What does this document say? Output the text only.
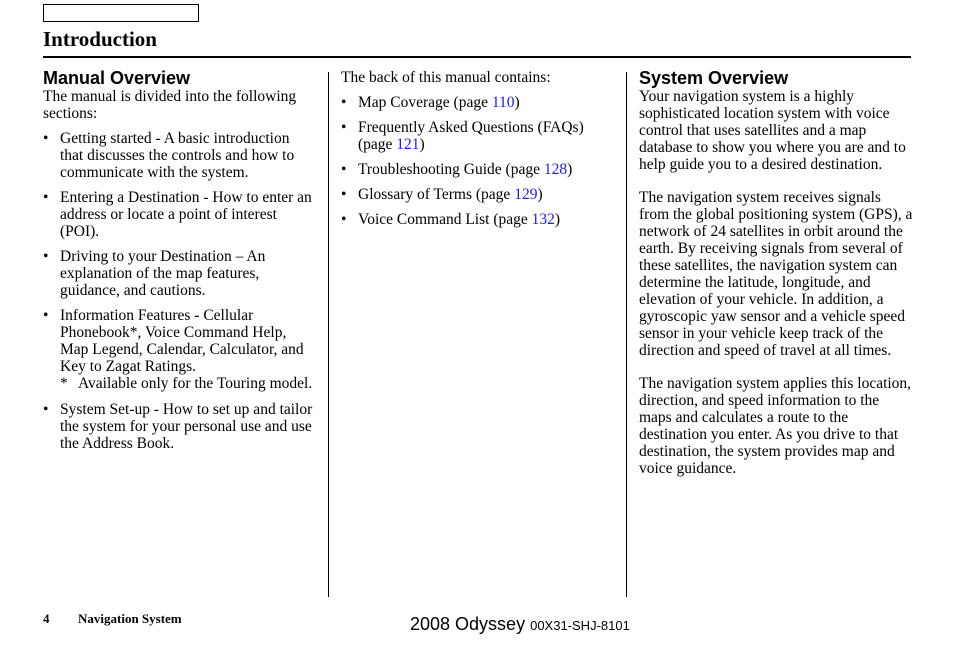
Introduction
Manual Overview

The manual is divided into the following sections:

• Getting started - A basic introduction that discusses the controls and how to communicate with the system.
• Entering a Destination - How to enter an address or locate a point of interest (POI).
• Driving to your Destination – An explanation of the map features, guidance, and cautions.
• Information Features - Cellular Phonebook*, Voice Command Help, Map Legend, Calendar, Calculator, and Key to Zagat Ratings.
* Available only for the Touring model.
• System Set-up - How to set up and tailor the system for your personal use and use the Address Book.

The back of this manual contains:

• Map Coverage (page 110)
• Frequently Asked Questions (FAQs) (page 121)
• Troubleshooting Guide (page 128)
• Glossary of Terms (page 129)
• Voice Command List (page 132)
System Overview

Your navigation system is a highly sophisticated location system with voice control that uses satellites and a map database to show you where you are and to help guide you to a desired destination.

The navigation system receives signals from the global positioning system (GPS), a network of 24 satellites in orbit around the earth. By receiving signals from several of these satellites, the navigation system can determine the latitude, longitude, and elevation of your vehicle. In addition, a gyroscopic yaw sensor and a vehicle speed sensor in your vehicle keep track of the direction and speed of travel at all times.

The navigation system applies this location, direction, and speed information to the maps and calculates a route to the destination you enter. As you drive to that destination, the system provides map and voice guidance.

4 Navigation System	2008 Odyssey 00X31-SHJ-8101
